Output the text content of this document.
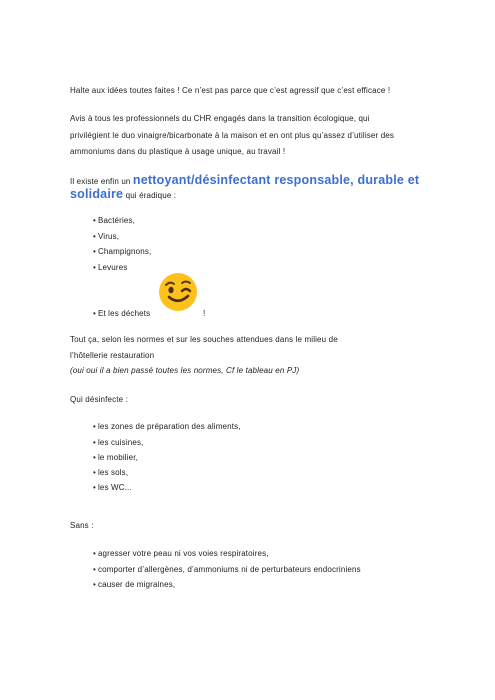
Halte aux idées toutes faites ! Ce n’est pas parce que c’est agressif que c’est efficace !
Avis à tous les professionnels du CHR engagés dans la transition écologique, qui
privilégient le duo vinaigre/bicarbonate à la maison et en ont plus qu’assez d’utiliser des
ammoniums dans du plastique à usage unique, au travail !
Il existe enfin un nettoyant/désinfectant responsable, durable et
solidaire qui éradique :
• Bactéries,
• Virus,
• Champignons,
• Levures
• Et les déchets	!
Tout ça, selon les normes et sur les souches attendues dans le milieu de
l’hôtellerie restauration
(oui oui il a bien passé toutes les normes, Cf le tableau en PJ)
Qui désinfecte :
• les zones de préparation des aliments,
• les cuisines,
• le mobilier,
• les sols,
• les WC...
Sans :
• agresser votre peau ni vos voies respiratoires,
• comporter d’allergènes, d’ammoniums ni de perturbateurs endocriniens
• causer de migraines,
